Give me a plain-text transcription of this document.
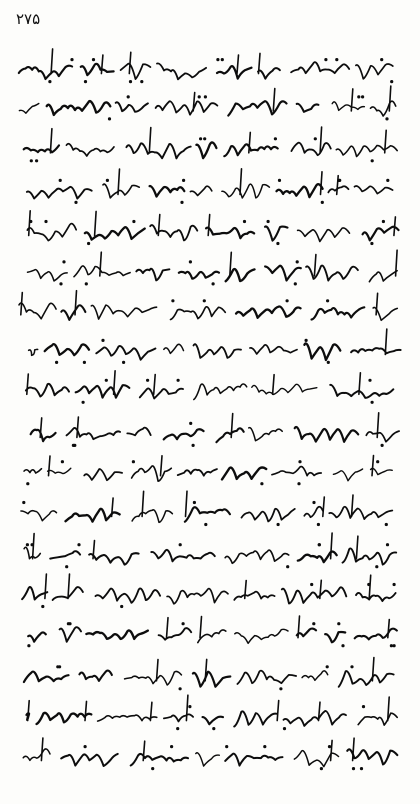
۲۷۵
